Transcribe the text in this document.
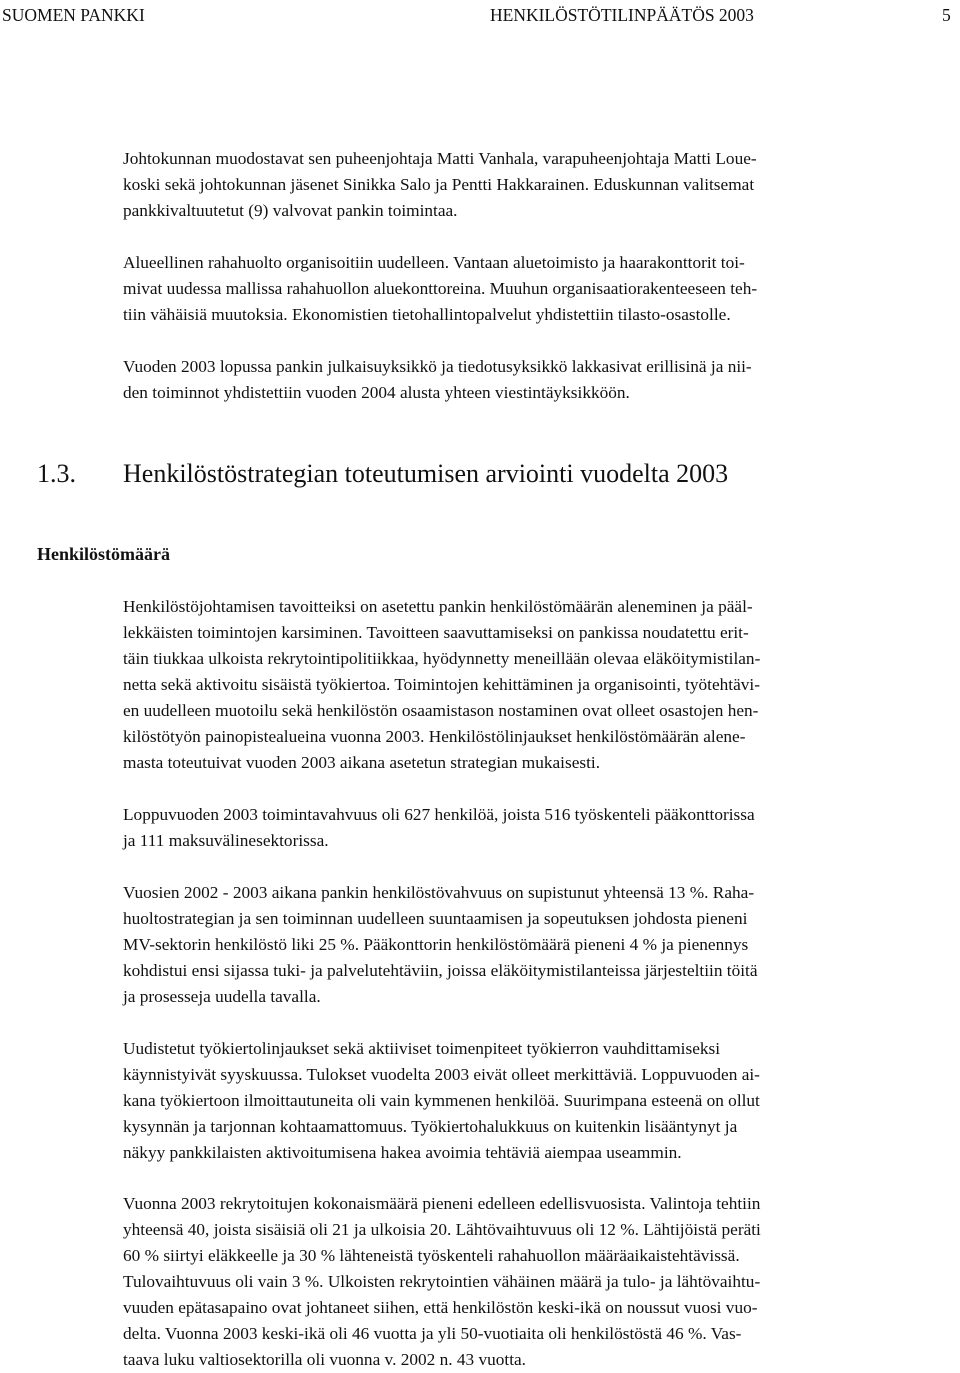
SUOMEN PANKKI	HENKILÖSTÖTILINPÄÄTÖS 2003	5
Johtokunnan muodostavat sen puheenjohtaja Matti Vanhala, varapuheenjohtaja Matti Loue-
koski sekä johtokunnan jäsenet Sinikka Salo ja Pentti Hakkarainen. Eduskunnan valitsemat
pankkivaltuutetut (9) valvovat pankin toimintaa.
Alueellinen rahahuolto organisoitiin uudelleen. Vantaan aluetoimisto ja haarakonttorit toi-
mivat uudessa mallissa rahahuollon aluekonttoreina. Muuhun organisaatiorakenteeseen teh-
tiin vähäisiä muutoksia. Ekonomistien tietohallintopalvelut yhdistettiin tilasto-osastolle.
Vuoden 2003 lopussa pankin julkaisuyksikkö ja tiedotusyksikkö lakkasivat erillisinä ja nii-
den toiminnot yhdistettiin vuoden 2004 alusta yhteen viestintäyksikköön.
1.3. Henkilöstöstrategian toteutumisen arviointi vuodelta 2003
Henkilöstömäärä
Henkilöstöjohtamisen tavoitteiksi on asetettu pankin henkilöstömäärän aleneminen ja pääl-
lekkäisten toimintojen karsiminen. Tavoitteen saavuttamiseksi on pankissa noudatettu erit-
täin tiukkaa ulkoista rekrytointipolitiikkaa, hyödynnetty meneillään olevaa eläköitymistilan-
netta sekä aktivoitu sisäistä työkiertoa. Toimintojen kehittäminen ja organisointi, työtehtävi-
en uudelleen muotoilu sekä henkilöstön osaamistason nostaminen ovat olleet osastojen hen-
kilöstötyön painopistealueina vuonna 2003. Henkilöstölinjaukset henkilöstömäärän alene-
masta toteutuivat vuoden 2003 aikana asetetun strategian mukaisesti.
Loppuvuoden 2003 toimintavahvuus oli 627 henkilöä, joista 516 työskenteli pääkonttorissa
ja 111 maksuvälinesektorissa.
Vuosien 2002 - 2003 aikana pankin henkilöstövahvuus on supistunut yhteensä 13 %. Raha-
huoltostrategian ja sen toiminnan uudelleen suuntaamisen ja sopeutuksen johdosta pieneni
MV-sektorin henkilöstö liki 25 %. Pääkonttorin henkilöstömäärä pieneni 4 % ja pienennys
kohdistui ensi sijassa tuki- ja palvelutehtäviin, joissa eläköitymistilanteissa järjesteltiin töitä
ja prosesseja uudella tavalla.
Uudistetut työkiertolinjaukset sekä aktiiviset toimenpiteet työkierron vauhdittamiseksi
käynnistyivät syyskuussa. Tulokset vuodelta 2003 eivät olleet merkittäviä. Loppuvuoden ai-
kana työkiertoon ilmoittautuneita oli vain kymmenen henkilöä. Suurimpana esteenä on ollut
kysynnän ja tarjonnan kohtaamattomuus. Työkiertohalukkuus on kuitenkin lisääntynyt ja
näkyy pankkilaisten aktivoitumisena hakea avoimia tehtäviä aiempaa useammin.
Vuonna 2003 rekrytoitujen kokonaismäärä pieneni edelleen edellisvuosista. Valintoja tehtiin
yhteensä 40, joista sisäisiä oli 21 ja ulkoisia 20. Lähtövaihtuvuus oli 12 %. Lähtijöistä peräti
60 % siirtyi eläkkeelle ja 30 % lähteneistä työskenteli rahahuollon määräaikaistehtävissä.
Tulovaihtuvuus oli vain 3 %. Ulkoisten rekrytointien vähäinen määrä ja tulo- ja lähtövaihtu-
vuuden epätasapaino ovat johtaneet siihen, että henkilöstön keski-ikä on noussut vuosi vuo-
delta. Vuonna 2003 keski-ikä oli 46 vuotta ja yli 50-vuotiaita oli henkilöstöstä 46 %. Vas-
taava luku valtiosektorilla oli vuonna v. 2002 n. 43 vuotta.
